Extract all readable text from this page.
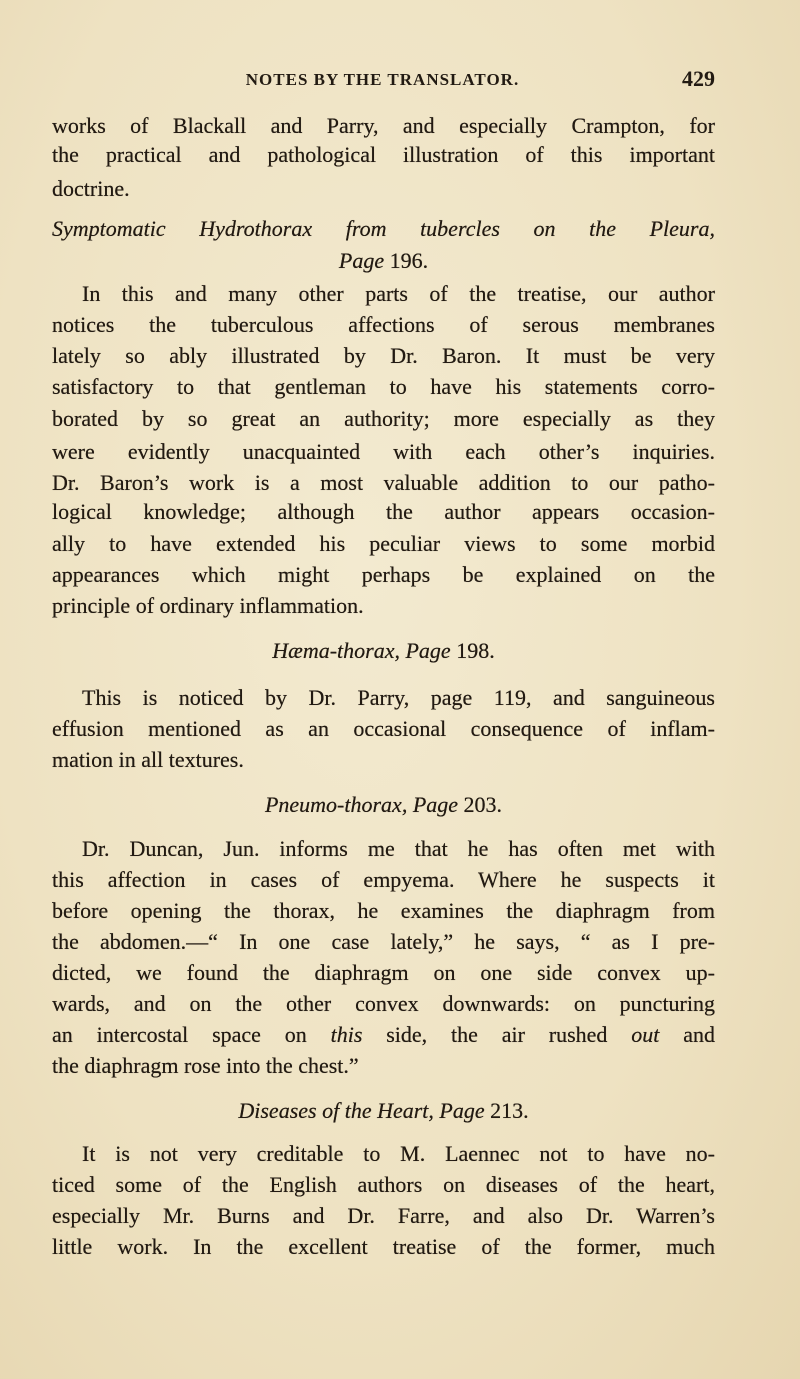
NOTES BY THE TRANSLATOR.	429
works of Blackall and Parry, and especially Crampton, for
the practical and pathological illustration of this important
doctrine.
Symptomatic Hydrothorax from tubercles on the Pleura,
Page 196.
In this and many other parts of the treatise, our author
notices the tuberculous affections of serous membranes
lately so ably illustrated by Dr. Baron. It must be very
satisfactory to that gentleman to have his statements corro-
borated by so great an authority; more especially as they
were evidently unacquainted with each other’s inquiries.
Dr. Baron’s work is a most valuable addition to our patho-
logical knowledge; although the author appears occasion-
ally to have extended his peculiar views to some morbid
appearances which might perhaps be explained on the
principle of ordinary inflammation.
Hæma-thorax, Page 198.
This is noticed by Dr. Parry, page 119, and sanguineous
effusion mentioned as an occasional consequence of inflam-
mation in all textures.
Pneumo-thorax, Page 203.
Dr. Duncan, Jun. informs me that he has often met with
this affection in cases of empyema. Where he suspects it
before opening the thorax, he examines the diaphragm from
the abdomen.—“ In one case lately,” he says, “ as I pre-
dicted, we found the diaphragm on one side convex up-
wards, and on the other convex downwards: on puncturing
an intercostal space on this side, the air rushed out and
the diaphragm rose into the chest.”
Diseases of the Heart, Page 213.
It is not very creditable to M. Laennec not to have no-
ticed some of the English authors on diseases of the heart,
especially Mr. Burns and Dr. Farre, and also Dr. Warren’s
little work. In the excellent treatise of the former, much
